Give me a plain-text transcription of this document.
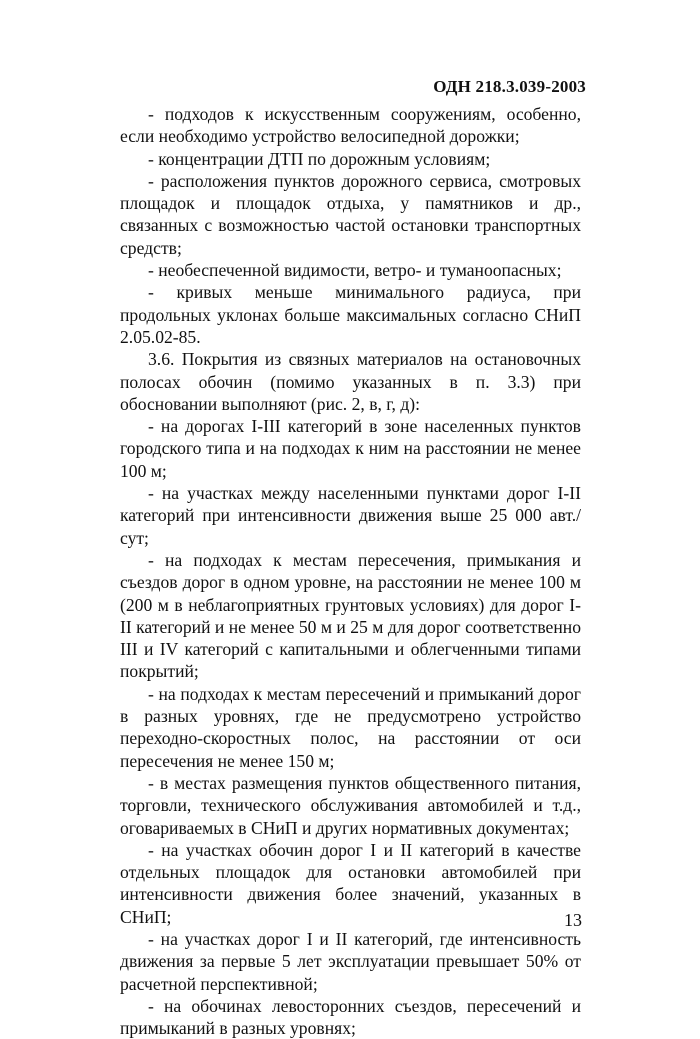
ОДН 218.3.039-2003

- подходов к искусственным сооружениям, особенно, если необходимо устройство велосипедной дорожки;

- концентрации ДТП по дорожным условиям;

- расположения пунктов дорожного сервиса, смотровых площадок и площадок отдыха, у памятников и др., связанных с возможностью частой остановки транспортных средств;

- необеспеченной видимости, ветро- и туманоопасных;

- кривых меньше минимального радиуса, при продольных уклонах больше максимальных согласно СНиП 2.05.02-85.

3.6. Покрытия из связных материалов на остановочных полосах обочин (помимо указанных в п. 3.3) при обосновании выполняют (рис. 2, в, г, д):

- на дорогах I-III категорий в зоне населенных пунктов городского типа и на подходах к ним на расстоянии не менее 100 м;

- на участках между населенными пунктами дорог I-II категорий при интенсивности движения выше 25 000 авт./сут;

- на подходах к местам пересечения, примыкания и съездов дорог в одном уровне, на расстоянии не менее 100 м (200 м в неблагоприятных грунтовых условиях) для дорог I-II категорий и не менее 50 м и 25 м для дорог соответственно III и IV категорий с капитальными и облегченными типами покрытий;

- на подходах к местам пересечений и примыканий дорог в разных уровнях, где не предусмотрено устройство переходно-скоростных полос, на расстоянии от оси пересечения не менее 150 м;

- в местах размещения пунктов общественного питания, торговли, технического обслуживания автомобилей и т.д., оговариваемых в СНиП и других нормативных документах;

- на участках обочин дорог I и II категорий в качестве отдельных площадок для остановки автомобилей при интенсивности движения более значений, указанных в СНиП;

- на участках дорог I и II категорий, где интенсивность движения за первые 5 лет эксплуатации превышает 50% от расчетной перспективной;

- на обочинах левосторонних съездов, пересечений и примыканий в разных уровнях;

13
